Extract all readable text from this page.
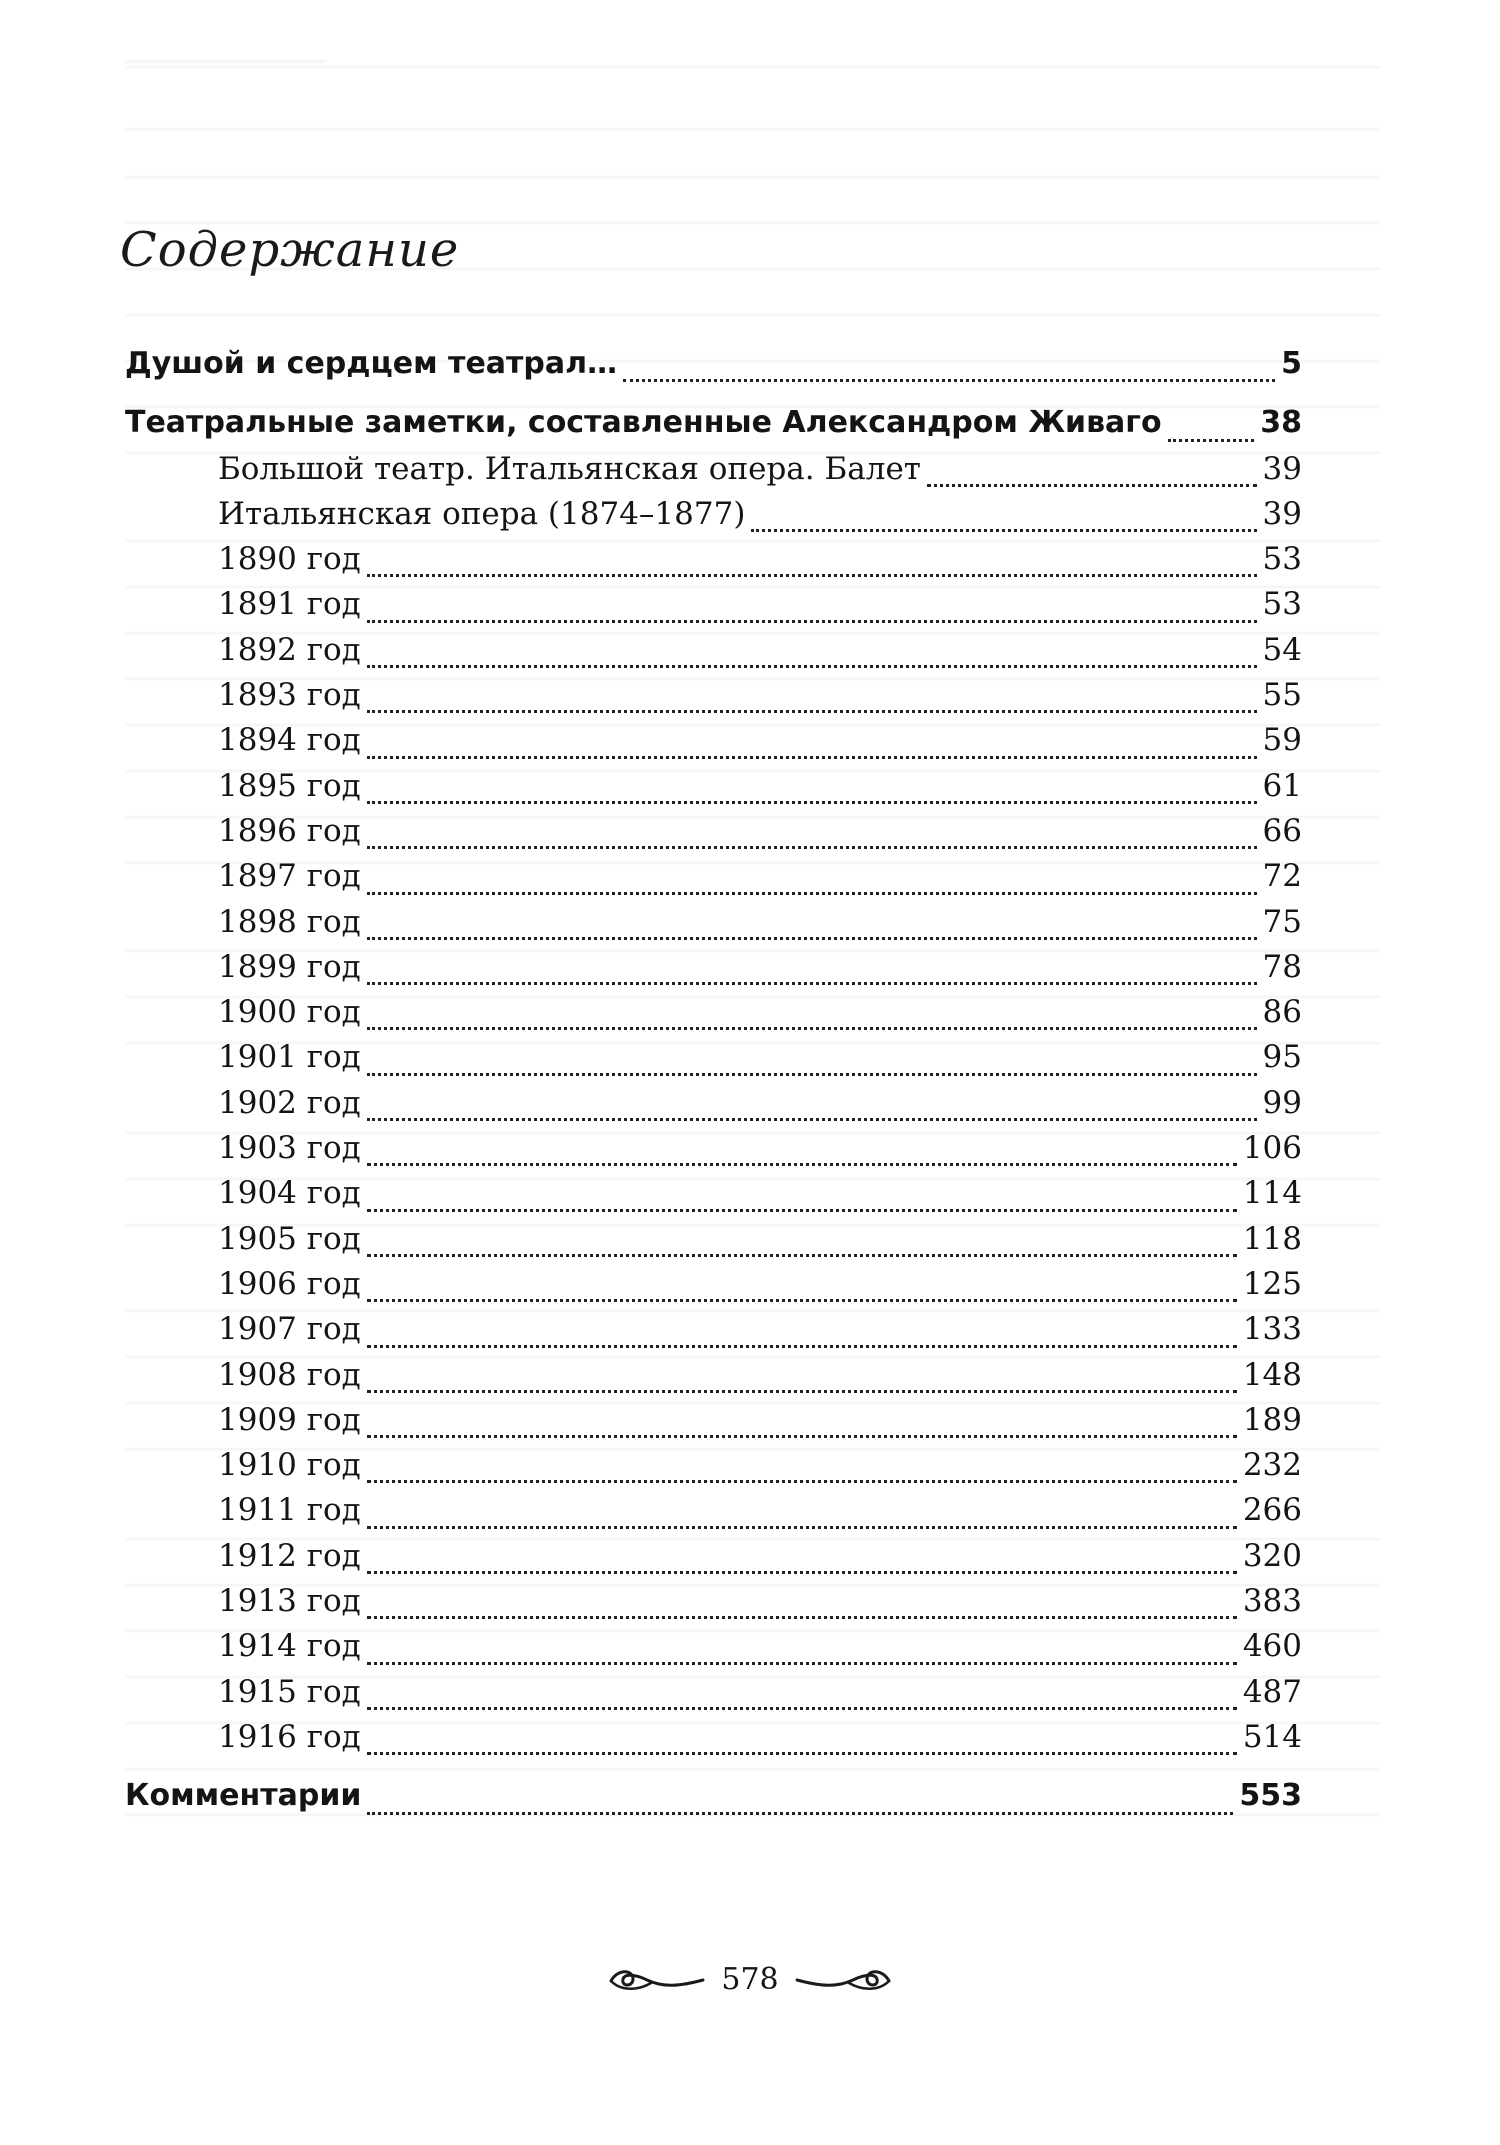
Содержание
Душой и сердцем театрал…	5
Театральные заметки, составленные Александром Живаго	38
Большой театр. Итальянская опера. Балет	39
Итальянская опера (1874–1877)	39
1890 год	53
1891 год	53
1892 год	54
1893 год	55
1894 год	59
1895 год	61
1896 год	66
1897 год	72
1898 год	75
1899 год	78
1900 год	86
1901 год	95
1902 год	99
1903 год	106
1904 год	114
1905 год	118
1906 год	125
1907 год	133
1908 год	148
1909 год	189
1910 год	232
1911 год	266
1912 год	320
1913 год	383
1914 год	460
1915 год	487
1916 год	514
Комментарии	553
578
